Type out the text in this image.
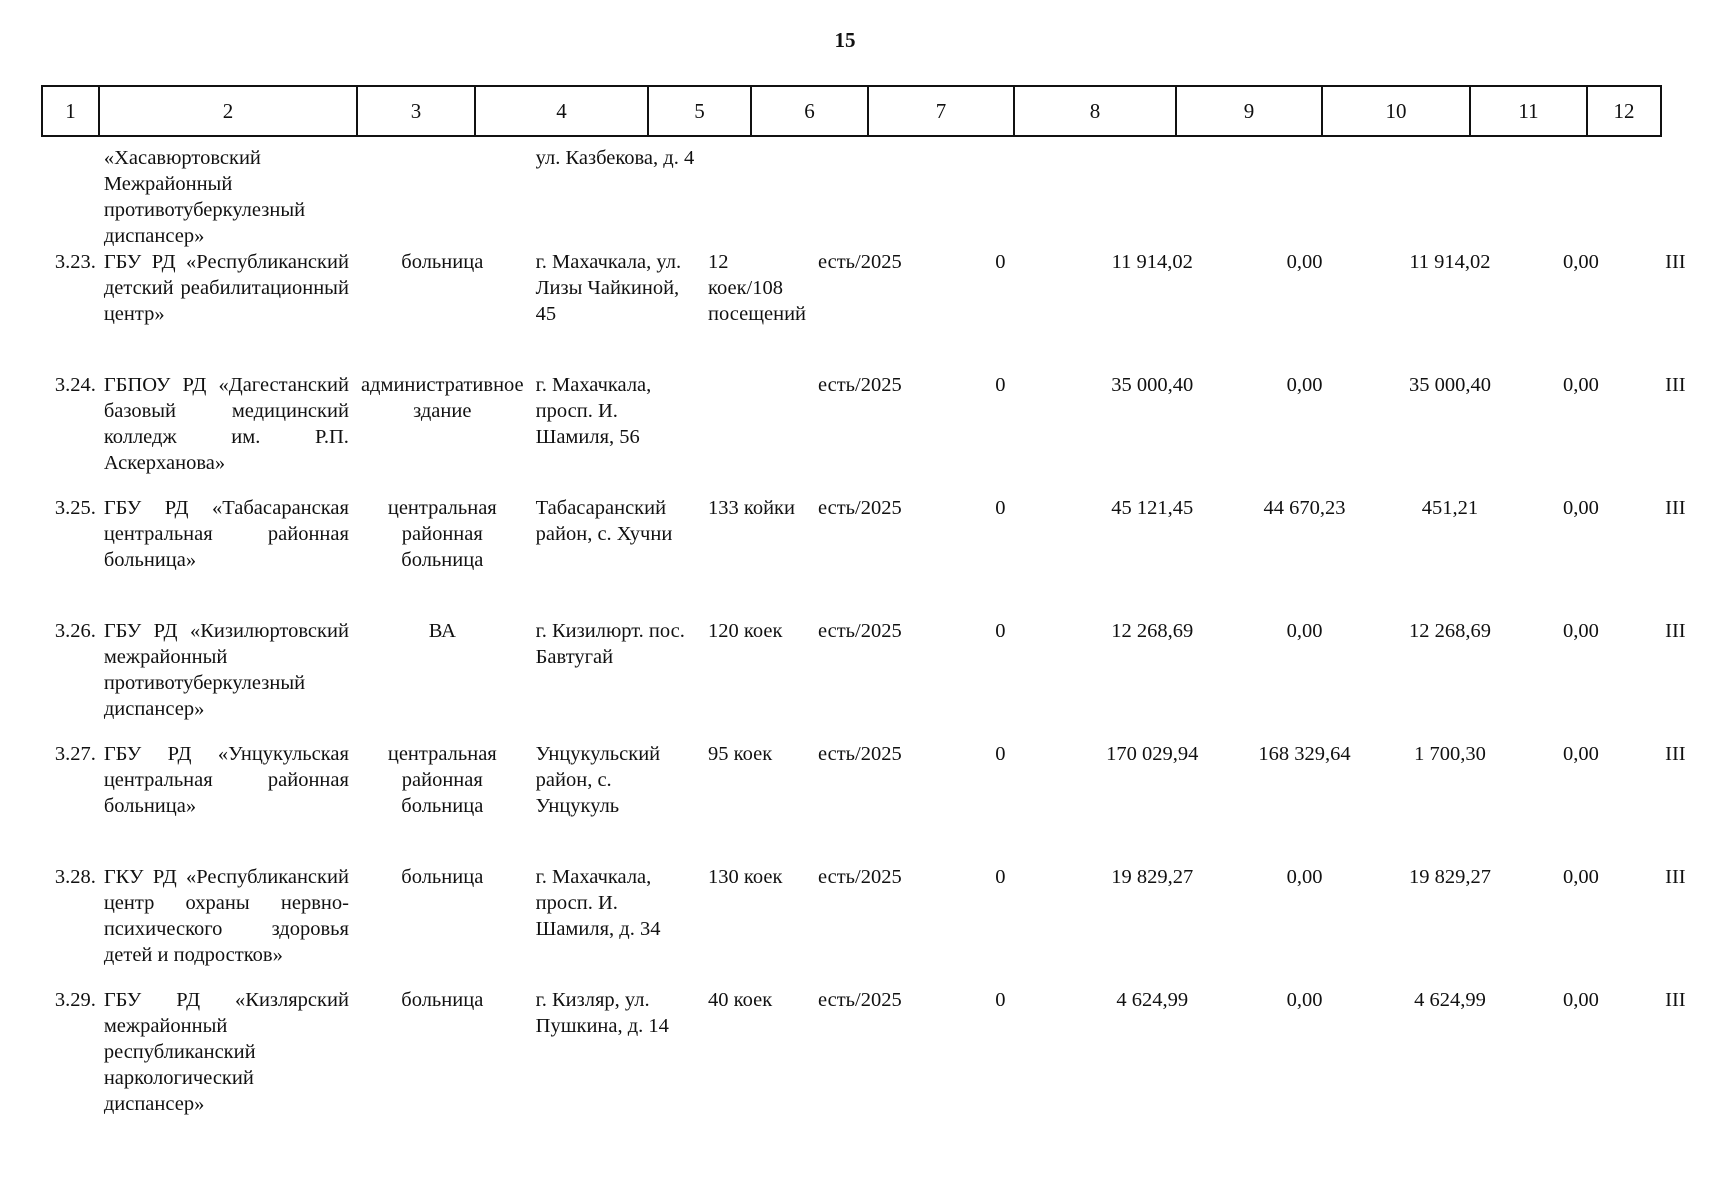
15
1	2	3	4	5	6	7	8	9	10	11	12
	«Хасавюртовский Межрайонный противотуберкулезный диспансер»		ул. Казбекова, д. 4								
3.23.	ГБУ РД «Республиканский детский реабилитационный центр»	больница	г. Махачкала, ул. Лизы Чайкиной, 45	12 коек/108 посещений	есть/2025	0	11 914,02	0,00	11 914,02	0,00	III
3.24.	ГБПОУ РД «Дагестанский базовый медицинский колледж им. Р.П. Аскерханова»	административное здание	г. Махачкала, просп. И. Шамиля, 56		есть/2025	0	35 000,40	0,00	35 000,40	0,00	III
3.25.	ГБУ РД «Табасаранская центральная районная больница»	центральная районная больница	Табасаранский район, с. Хучни	133 койки	есть/2025	0	45 121,45	44 670,23	451,21	0,00	III
3.26.	ГБУ РД «Кизилюртовский межрайонный противотуберкулезный диспансер»	ВА	г. Кизилюрт. пос. Бавтугай	120 коек	есть/2025	0	12 268,69	0,00	12 268,69	0,00	III
3.27.	ГБУ РД «Унцукульская центральная районная больница»	центральная районная больница	Унцукульский район, с. Унцукуль	95 коек	есть/2025	0	170 029,94	168 329,64	1 700,30	0,00	III
3.28.	ГКУ РД «Республиканский центр охраны нервно-психического здоровья детей и подростков»	больница	г. Махачкала, просп. И. Шамиля, д. 34	130 коек	есть/2025	0	19 829,27	0,00	19 829,27	0,00	III
3.29.	ГБУ РД «Кизлярский межрайонный республиканский наркологический диспансер»	больница	г. Кизляр, ул. Пушкина, д. 14	40 коек	есть/2025	0	4 624,99	0,00	4 624,99	0,00	III
